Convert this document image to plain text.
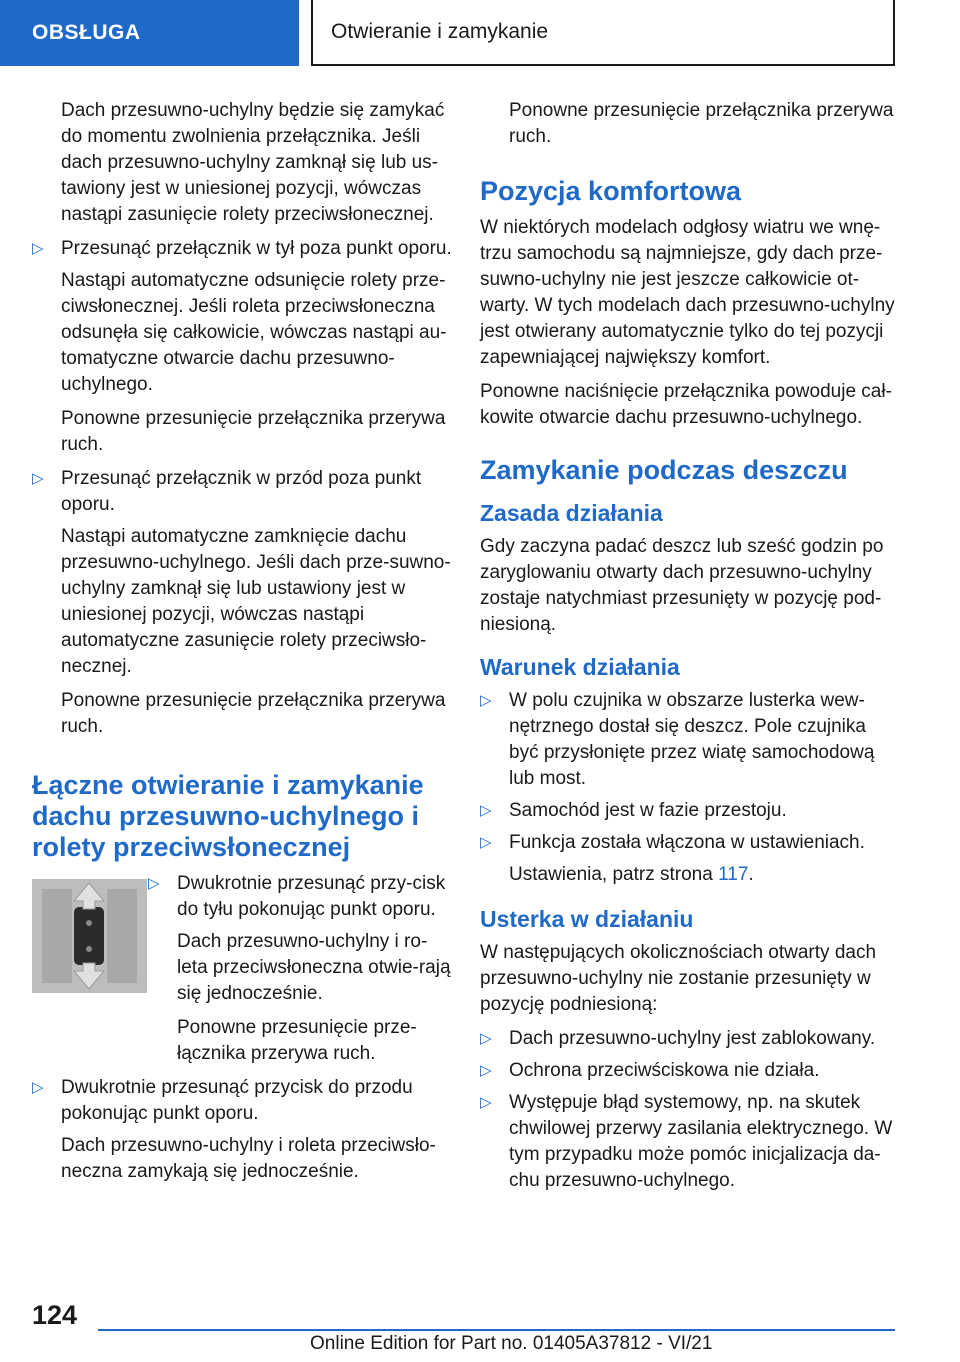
OBSŁUGA	Otwieranie i zamykanie

Dach przesuwno-uchylny będzie się zamykać do momentu zwolnienia przełącznika. Jeśli dach przesuwno-uchylny zamknął się lub us-tawiony jest w uniesionej pozycji, wówczas nastąpi zasunięcie rolety przeciwsłonecznej.

▷ Przesunąć przełącznik w tył poza punkt oporu.

Nastąpi automatyczne odsunięcie rolety prze-ciwsłonecznej. Jeśli roleta przeciwsłoneczna odsunęła się całkowicie, wówczas nastąpi au-tomatyczne otwarcie dachu przesuwno-uchylnego.

Ponowne przesunięcie przełącznika przerywa ruch.

▷ Przesunąć przełącznik w przód poza punkt oporu.

Nastąpi automatyczne zamknięcie dachu przesuwno-uchylnego. Jeśli dach prze-suwno-uchylny zamknął się lub ustawiony jest w uniesionej pozycji, wówczas nastąpi automatyczne zasunięcie rolety przeciwsło-necznej.

Ponowne przesunięcie przełącznika przerywa ruch.

Łączne otwieranie i zamykanie dachu przesuwno-uchylnego i rolety przeciwsłonecznej
▷ Dwukrotnie przesunąć przy-cisk do tyłu pokonując punkt oporu.

Dach przesuwno-uchylny i ro-leta przeciwsłoneczna otwie-rają się jednocześnie.

Ponowne przesunięcie prze-łącznika przerywa ruch.

▷ Dwukrotnie przesunąć przycisk do przodu pokonując punkt oporu.

Dach przesuwno-uchylny i roleta przeciwsło-neczna zamykają się jednocześnie.

Ponowne przesunięcie przełącznika przerywa ruch.

Pozycja komfortowa

W niektórych modelach odgłosy wiatru we wnę-trzu samochodu są najmniejsze, gdy dach prze-suwno-uchylny nie jest jeszcze całkowicie ot-warty. W tych modelach dach przesuwno-uchylny jest otwierany automatycznie tylko do tej pozycji zapewniającej największy komfort.

Ponowne naciśnięcie przełącznika powoduje cał-kowite otwarcie dachu przesuwno-uchylnego.

Zamykanie podczas deszczu
Zasada działania

Gdy zaczyna padać deszcz lub sześć godzin po zaryglowaniu otwarty dach przesuwno-uchylny zostaje natychmiast przesunięty w pozycję pod-niesioną.

Warunek działania
▷ W polu czujnika w obszarze lusterka wew-nętrznego dostał się deszcz. Pole czujnika być przysłonięte przez wiatę samochodową lub most.
▷ Samochód jest w fazie przestoju.
▷ Funkcja została włączona w ustawieniach.

Ustawienia, patrz strona 117.

Usterka w działaniu

W następujących okolicznościach otwarty dach przesuwno-uchylny nie zostanie przesunięty w pozycję podniesioną:

▷ Dach przesuwno-uchylny jest zablokowany.
▷ Ochrona przeciwściskowa nie działa.
▷ Występuje błąd systemowy, np. na skutek chwilowej przerwy zasilania elektrycznego. W tym przypadku może pomóc inicjalizacja da-chu przesuwno-uchylnego.
124
Online Edition for Part no. 01405A37812 - VI/21
